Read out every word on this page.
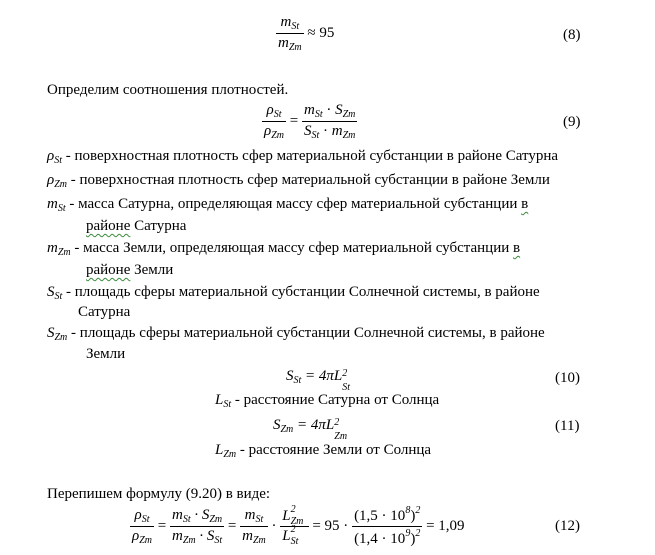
$\frac{m_{St}}{m_{Zm}} \approx 95$	(8)
Определим соотношения плотностей.
$\frac{\rho_{St}}{\rho_{Zm}} = \frac{m_{St} \cdot S_{Zm}}{S_{St} \cdot m_{Zm}}$	(9)
$\rho_{St}$ - поверхностная плотность сфер материальной субстанции в районе Сатурна
$\rho_{Zm}$ - поверхностная плотность сфер материальной субстанции в районе Земли
$m_{St}$ - масса Сатурна, определяющая массу сфер материальной субстанции в
районе Сатурна
$m_{Zm}$ - масса Земли, определяющая массу сфер материальной субстанции в
районе Земли
$S_{St}$ - площадь сферы материальной субстанции Солнечной системы, в районе
Сатурна
$S_{Zm}$ - площадь сферы материальной субстанции Солнечной системы, в районе
Земли
$S_{St} = 4\pi L$ 2
St
(10)
$L_{St}$ - расстояние Сатурна от Солнца
$S_{Zm} = 4\pi L$ 2
Zm
(11)
$L_{Zm}$ - расстояние Земли от Солнца
Перепишем формулу (9.20) в виде:
$\frac{\rho_{St}}{\rho_{Zm}} = \frac{m_{St} \cdot S_{Zm}}{m_{Zm} \cdot S_{St}} = \frac{m_{St}}{m_{Zm}} \cdot L$ 2
Zm
L 2
$St = 95 \cdot \frac{(1,5 \cdot 10^8)^2}{(1,4 \cdot 10^9)^2} = 1,09$	(12)
